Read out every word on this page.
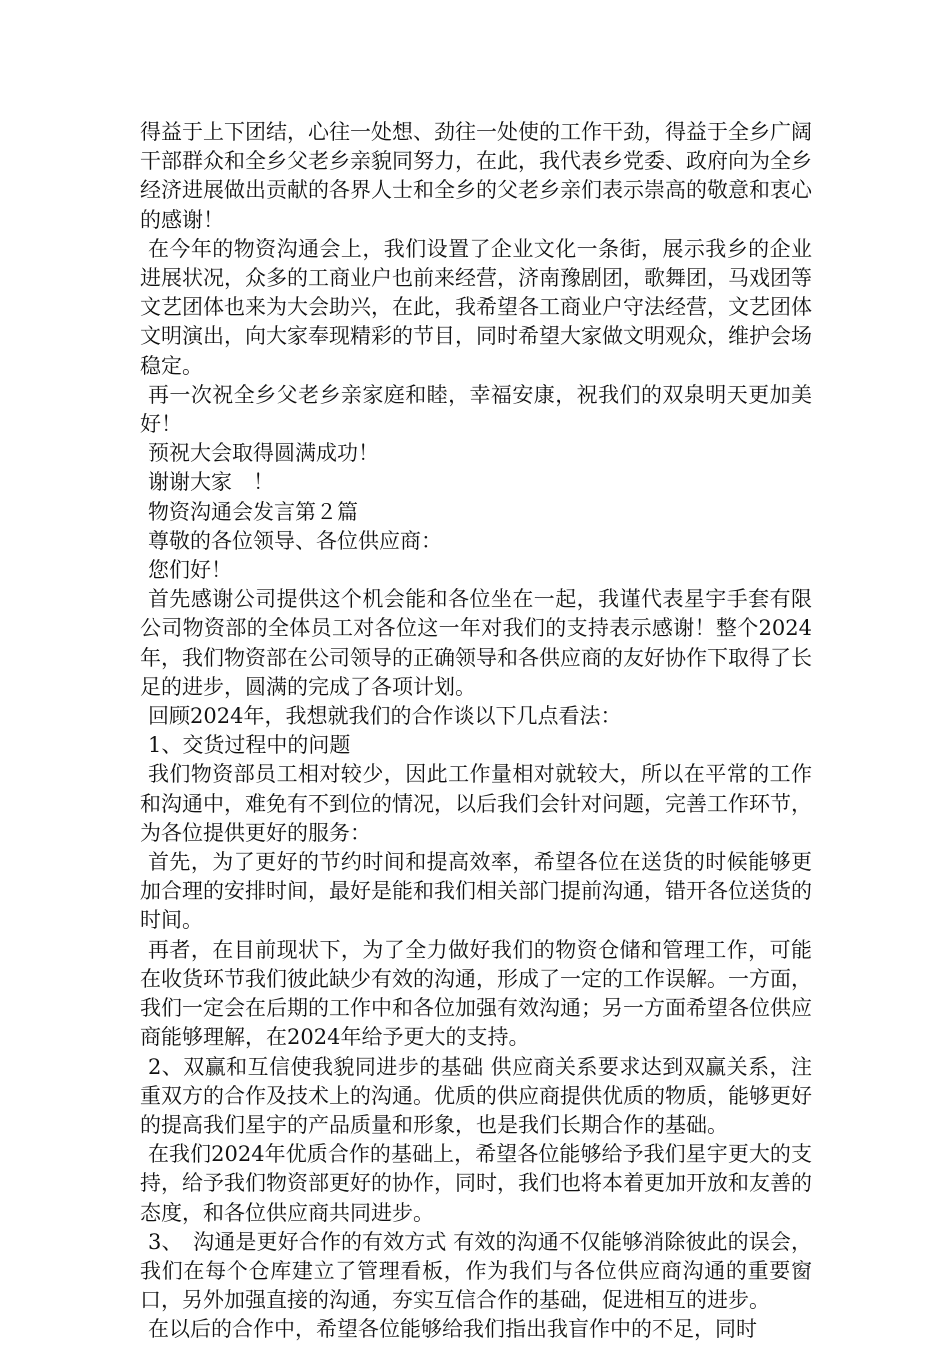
得益于上下团结，心往一处想、劲往一处使的工作干劲，得益于全乡广阔干部群众和全乡父老乡亲貌同努力，在此，我代表乡党委、政府向为全乡经济进展做出贡献的各界人士和全乡的父老乡亲们表示崇高的敬意和衷心的感谢！

在今年的物资沟通会上，我们设置了企业文化一条街，展示我乡的企业进展状况，众多的工商业户也前来经营，济南豫剧团，歌舞团，马戏团等文艺团体也来为大会助兴，在此，我希望各工商业户守法经营，文艺团体文明演出，向大家奉现精彩的节目，同时希望大家做文明观众，维护会场稳定。

再一次祝全乡父老乡亲家庭和睦，幸福安康，祝我们的双泉明天更加美好！

预祝大会取得圆满成功！

谢谢大家　！

物资沟通会发言第２篇

尊敬的各位领导、各位供应商：

您们好！

首先感谢公司提供这个机会能和各位坐在一起，我谨代表星宇手套有限公司物资部的全体员工对各位这一年对我们的支持表示感谢！整个2024年，我们物资部在公司领导的正确领导和各供应商的友好协作下取得了长足的进步，圆满的完成了各项计划。

回顾2024年，我想就我们的合作谈以下几点看法：

1、交货过程中的问题

我们物资部员工相对较少，因此工作量相对就较大，所以在平常的工作和沟通中，难免有不到位的情况，以后我们会针对问题，完善工作环节，为各位提供更好的服务：

首先，为了更好的节约时间和提高效率，希望各位在送货的时候能够更加合理的安排时间，最好是能和我们相关部门提前沟通，错开各位送货的时间。

再者，在目前现状下，为了全力做好我们的物资仓储和管理工作，可能在收货环节我们彼此缺少有效的沟通，形成了一定的工作误解。一方面，我们一定会在后期的工作中和各位加强有效沟通；另一方面希望各位供应商能够理解，在2024年给予更大的支持。

2、双赢和互信使我貌同进步的基础 供应商关系要求达到双赢关系，注重双方的合作及技术上的沟通。优质的供应商提供优质的物质，能够更好的提高我们星宇的产品质量和形象，也是我们长期合作的基础。

在我们2024年优质合作的基础上，希望各位能够给予我们星宇更大的支持，给予我们物资部更好的协作，同时，我们也将本着更加开放和友善的态度，和各位供应商共同进步。

3、　沟通是更好合作的有效方式 有效的沟通不仅能够消除彼此的误会，我们在每个仓库建立了管理看板，作为我们与各位供应商沟通的重要窗口，另外加强直接的沟通，夯实互信合作的基础，促进相互的进步。

在以后的合作中，希望各位能够给我们指出我盲作中的不足，同时
